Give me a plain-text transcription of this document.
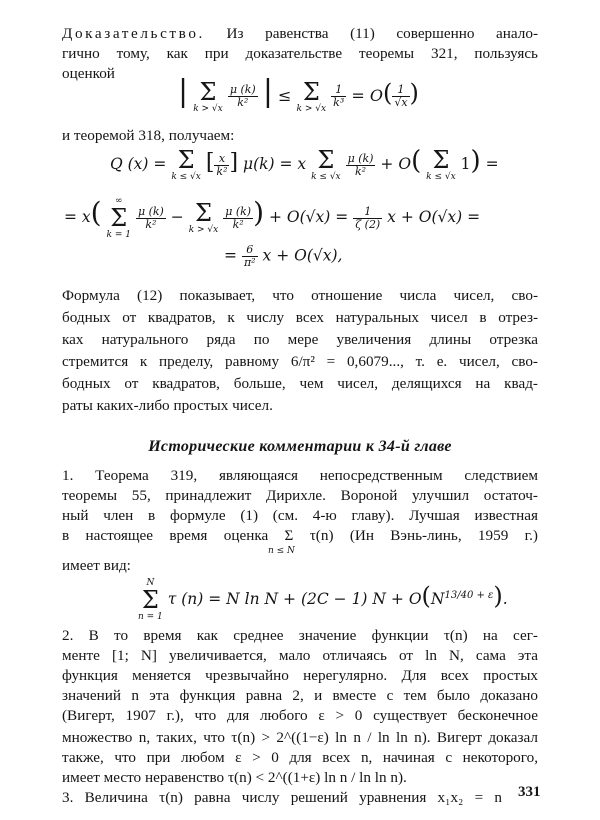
Доказательство. Из равенства (11) совершенно анало-
гично тому, как при доказательстве теоремы 321, пользуясь
оценкой
| Σ
k > √x
$\frac{\mu (k)}{\text{k²}}$ | ≤ Σ
k > √x
$\frac{1}{\text{k³}} = O( \frac{1}{√x}$ )
и теоремой 318, получаем:
Q (x) = Σ
k ≤ √x
[ $\frac{x}{\text{k²}}$ ] μ(k) = x Σ
k ≤ √x
$\frac{\mu (k)}{\text{k²}} + O$( Σ
k ≤ √x
1) =
= x(	∞
Σ
k = 1

$\frac{\mu (k)}{\text{k²}} - \Sigma$
k > √x
$\frac{\mu (k)}{\text{k²}}$ ) + $O(√x) = \frac{1}{\zeta (2)}$ x + O(√x) =
= $\frac{6}{\text{π²}}$ x + O(√x),
Формула (12) показывает, что отношение числа чисел, сво-
бодных от квадратов, к числу всех натуральных чисел в отрез-
ках натурального ряда по мере увеличения длины отрезка
стремится к пределу, равному 6/π² = 0,6079..., т. е. чисел, сво-
бодных от квадратов, больше, чем чисел, делящихся на квад-
раты каких-либо простых чисел.
Исторические комментарии к 34-й главе
1. Теорема 319, являющаяся непосредственным следствием
теоремы 55, принадлежит Дирихле. Вороной улучшил остаточ-
ный член в формуле (1) (см. 4-ю главу). Лучшая известная
в настоящее время оценка Σ τ(n) (Ин Вэнь-линь, 1959 г.)
n ≤ N
имеет вид:
N
Σ
n = 1
τ (n) = N ln N + (2C − 1) $N + O(N^{13/40 + \varepsilon})$.
2. В то время как среднее значение функции τ(n) на сег-
менте [1; N] увеличивается, мало отличаясь от ln N, сама эта
функция меняется чрезвычайно нерегулярно. Для всех простых
значений n эта функция равна 2, и вместе с тем было доказано
(Вигерт, 1907 г.), что для любого ε > 0 существует бесконечное
множество n, таких, что τ(n) > 2^((1−ε) ln n / ln ln n). Вигерт доказал
также, что при любом ε > 0 для всех n, начиная с некоторого,
имеет место неравенство τ(n) < 2^((1+ε) ln n / ln ln n).
3. Величина τ(n) равна числу решений уравнения x₁x₂ = n 331
